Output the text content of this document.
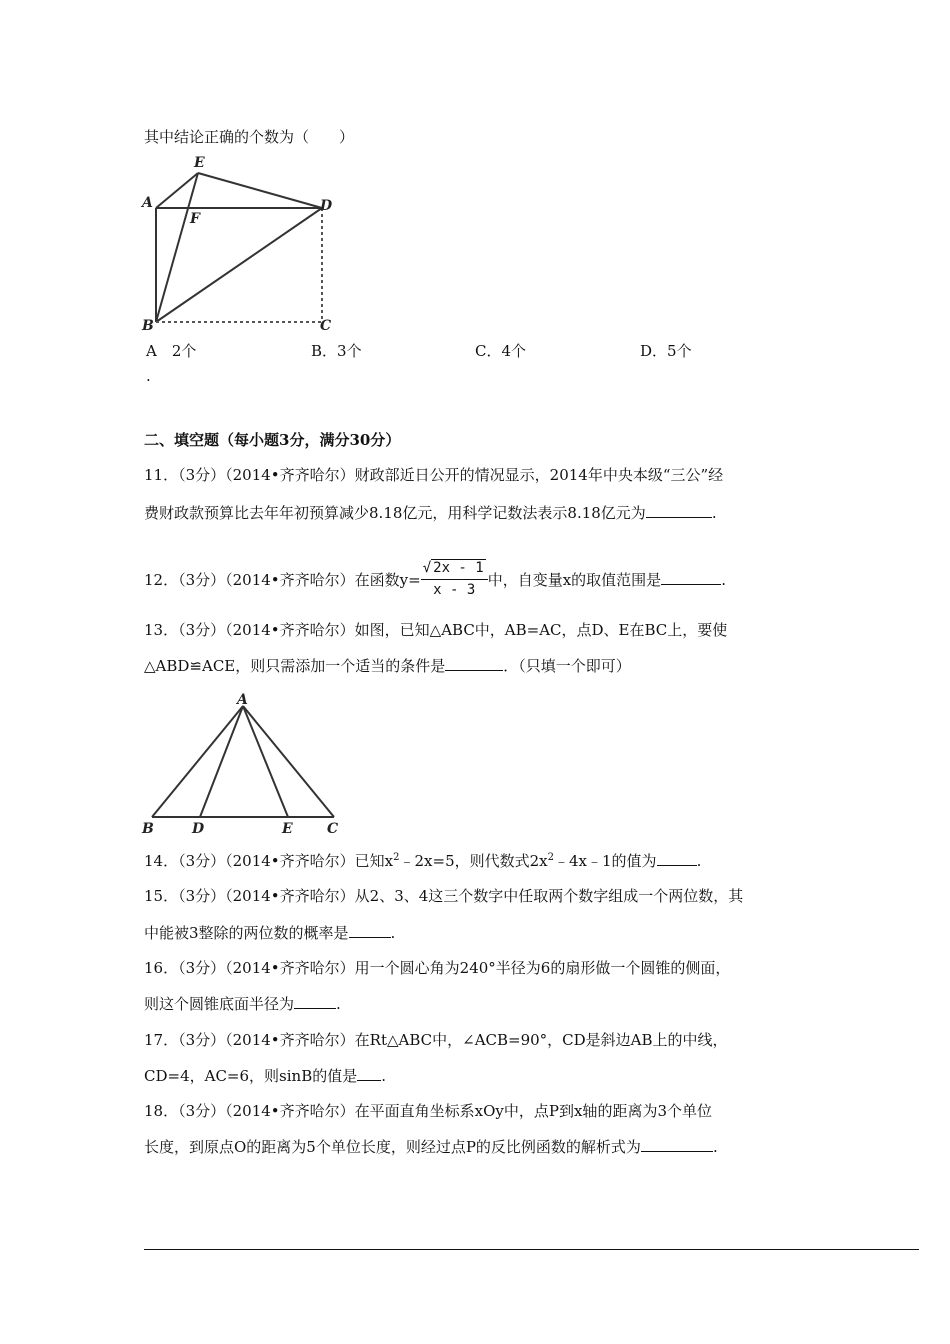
其中结论正确的个数为（　　）
E
A
F
D
B	C
A　2个	B．3个	C．4个	D．5个
.
二、填空题（每小题3分，满分30分）
11．（3分）（2014•齐齐哈尔）财政部近日公开的情况显示，2014年中央本级“三公”经
费财政款预算比去年年初预算减少8.18亿元，用科学记数法表示8.18亿元为	.
12．（3分）（2014•齐齐哈尔）在函数$y= \frac{√ 2x - 1}{x - 3}$ 中，自变量x的取值范围是	.
13．（3分）（2014•齐齐哈尔）如图，已知△ABC中，AB=AC，点D、E在BC上，要使
△ABD≌ACE，则只需添加一个适当的条件是	．（只填一个即可）
A
B	D	E C
14．（3分）（2014•齐齐哈尔）已知$x^2﹣2x=5$，则代数式$2x^2﹣4x﹣1$的值为	.
15．（3分）（2014•齐齐哈尔）从2、3、4这三个数字中任取两个数字组成一个两位数，其
中能被3整除的两位数的概率是	.
16．（3分）（2014•齐齐哈尔）用一个圆心角为240°半径为6的扇形做一个圆锥的侧面，
则这个圆锥底面半径为	.
17．（3分）（2014•齐齐哈尔）在Rt△ABC中，∠ACB=90°，CD是斜边AB上的中线，
CD=4，AC=6，则sinB的值是 .
18．（3分）（2014•齐齐哈尔）在平面直角坐标系xOy中，点P到x轴的距离为3个单位
长度，到原点O的距离为5个单位长度，则经过点P的反比例函数的解析式为	.
